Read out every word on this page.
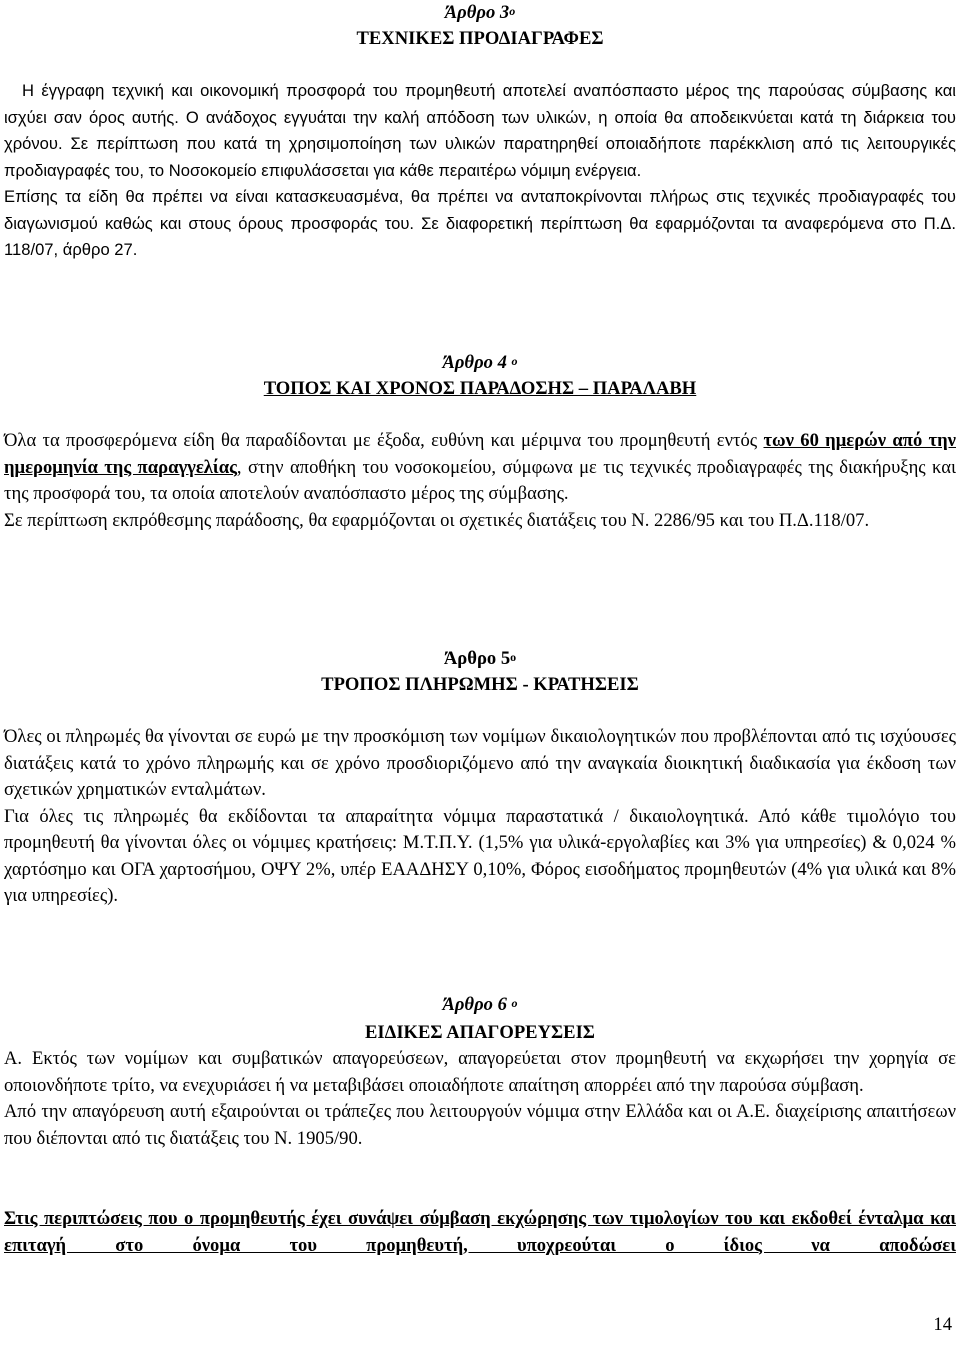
Άρθρο $3^o$
ΤΕΧΝΙΚΕΣ ΠΡΟΔΙΑΓΡΑΦΕΣ

Η έγγραφη τεχνική και οικονομική προσφορά του προμηθευτή αποτελεί αναπόσπαστο μέρος της παρούσας σύμβασης και ισχύει σαν όρος αυτής. Ο ανάδοχος εγγυάται την καλή απόδοση των υλικών, η οποία θα αποδεικνύεται κατά τη διάρκεια του χρόνου. Σε περίπτωση που κατά τη χρησιμοποίηση των υλικών παρατηρηθεί οποιαδήποτε παρέκκλιση από τις λειτουργικές προδιαγραφές του, το Νοσοκομείο επιφυλάσσεται για κάθε περαιτέρω νόμιμη ενέργεια.

Επίσης τα είδη θα πρέπει να είναι κατασκευασμένα, θα πρέπει να ανταποκρίνονται πλήρως στις τεχνικές προδιαγραφές του διαγωνισμού καθώς και στους όρους προσφοράς του. Σε διαφορετική περίπτωση θα εφαρμόζονται τα αναφερόμενα στο Π.Δ. 118/07, άρθρο 27.

Άρθρο 4 $^o$
ΤΟΠΟΣ ΚΑΙ ΧΡΟΝΟΣ ΠΑΡΑΔΟΣΗΣ – ΠΑΡΑΛΑΒΗ

Όλα τα προσφερόμενα είδη θα παραδίδονται με έξοδα, ευθύνη και μέριμνα του προμηθευτή εντός των 60 ημερών από την ημερομηνία της παραγγελίας, στην αποθήκη του νοσοκομείου, σύμφωνα με τις τεχνικές προδιαγραφές της διακήρυξης και της προσφορά του, τα οποία αποτελούν αναπόσπαστο μέρος της σύμβασης.

Σε περίπτωση εκπρόθεσμης παράδοσης, θα εφαρμόζονται οι σχετικές διατάξεις του Ν. 2286/95 και του Π.Δ.118/07.

Άρθρο $5^o$
ΤΡΟΠΟΣ ΠΛΗΡΩΜΗΣ - ΚΡΑΤΗΣΕΙΣ

Όλες οι πληρωμές θα γίνονται σε ευρώ με την προσκόμιση των νομίμων δικαιολογητικών που προβλέπονται από τις ισχύουσες διατάξεις κατά το χρόνο πληρωμής και σε χρόνο προσδιοριζόμενο από την αναγκαία διοικητική διαδικασία για έκδοση των σχετικών χρηματικών ενταλμάτων.

Για όλες τις πληρωμές θα εκδίδονται τα απαραίτητα νόμιμα παραστατικά / δικαιολογητικά. Από κάθε τιμολόγιο του προμηθευτή θα γίνονται όλες οι νόμιμες κρατήσεις: Μ.Τ.Π.Υ. (1,5% για υλικά-εργολαβίες και 3% για υπηρεσίες) & 0,024 % χαρτόσημο και ΟΓΑ χαρτοσήμου, ΟΨΥ 2%, υπέρ ΕΑΑΔΗΣΥ 0,10%, Φόρος εισοδήματος προμηθευτών (4% για υλικά και 8% για υπηρεσίες).

Άρθρο 6 $^o$
ΕΙΔΙΚΕΣ ΑΠΑΓΟΡΕΥΣΕΙΣ

Α. Εκτός των νομίμων και συμβατικών απαγορεύσεων, απαγορεύεται στον προμηθευτή να εκχωρήσει την χορηγία σε οποιονδήποτε τρίτο, να ενεχυριάσει ή να μεταβιβάσει οποιαδήποτε απαίτηση απορρέει από την παρούσα σύμβαση.

Από την απαγόρευση αυτή εξαιρούνται οι τράπεζες που λειτουργούν νόμιμα στην Ελλάδα και οι Α.Ε. διαχείρισης απαιτήσεων που διέπονται από τις διατάξεις του Ν. 1905/90.

Στις περιπτώσεις που ο προμηθευτής έχει συνάψει σύμβαση εκχώρησης των τιμολογίων του και εκδοθεί ένταλμα και επιταγή στο όνομα του προμηθευτή, υποχρεούται ο ίδιος να αποδώσει
14
